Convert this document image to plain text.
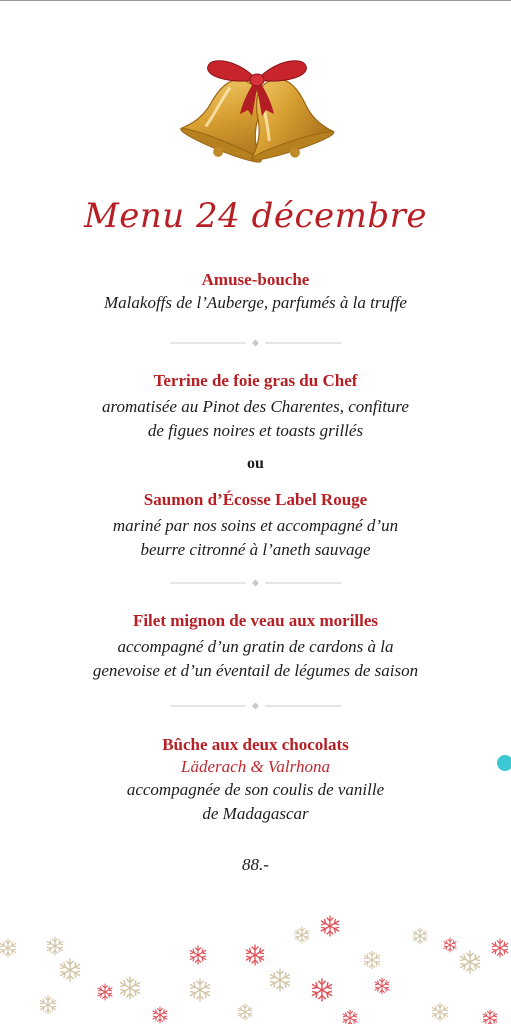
Menu 24 décembre
Amuse-bouche
Malakoffs de l’Auberge, parfumés à la truffe
Terrine de foie gras du Chef
aromatisée au Pinot des Charentes, confiture
de figues noires et toasts grillés
ou
Saumon d’Écosse Label Rouge
mariné par nos soins et accompagné d’un
beurre citronné à l’aneth sauvage
Filet mignon de veau aux morilles
accompagné d’un gratin de cardons à la
genevoise et d’un éventail de légumes de saison
Bûche aux deux chocolats
Läderach & Valrhona
accompagnée de son coulis de vanille
de Madagascar
88.-
